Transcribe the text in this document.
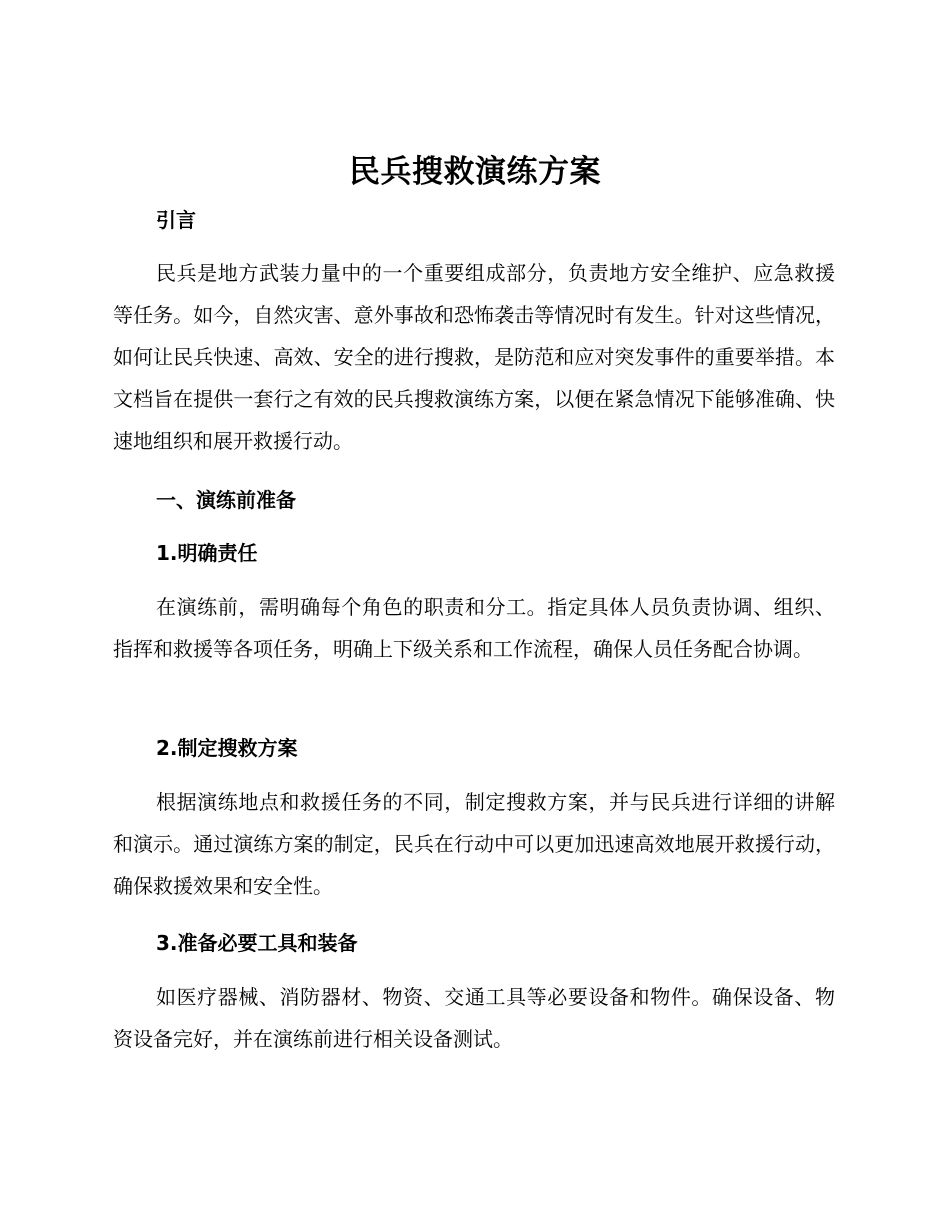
民兵搜救演练方案
引言
民兵是地方武装力量中的一个重要组成部分，负责地方安全维护、应急救援等任务。如今，自然灾害、意外事故和恐怖袭击等情况时有发生。针对这些情况，如何让民兵快速、高效、安全的进行搜救，是防范和应对突发事件的重要举措。本文档旨在提供一套行之有效的民兵搜救演练方案，以便在紧急情况下能够准确、快速地组织和展开救援行动。
一、演练前准备
1.明确责任
在演练前，需明确每个角色的职责和分工。指定具体人员负责协调、组织、指挥和救援等各项任务，明确上下级关系和工作流程，确保人员任务配合协调。
2.制定搜救方案
根据演练地点和救援任务的不同，制定搜救方案，并与民兵进行详细的讲解和演示。通过演练方案的制定，民兵在行动中可以更加迅速高效地展开救援行动，确保救援效果和安全性。
3.准备必要工具和装备
如医疗器械、消防器材、物资、交通工具等必要设备和物件。确保设备、物资设备完好，并在演练前进行相关设备测试。
